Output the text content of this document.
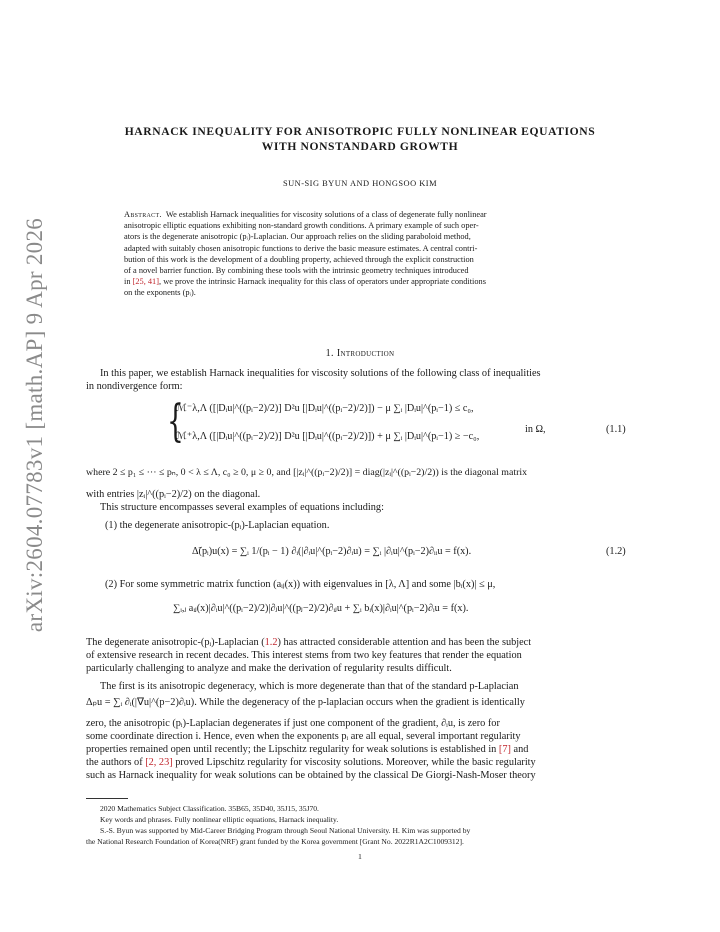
arXiv:2604.07783v1 [math.AP] 9 Apr 2026
HARNACK INEQUALITY FOR ANISOTROPIC FULLY NONLINEAR EQUATIONS
WITH NONSTANDARD GROWTH
SUN-SIG BYUN AND HONGSOO KIM
Abstract. We establish Harnack inequalities for viscosity solutions of a class of degenerate fully nonlinear
anisotropic elliptic equations exhibiting non-standard growth conditions. A primary example of such oper-
ators is the degenerate anisotropic (pᵢ)-Laplacian. Our approach relies on the sliding paraboloid method,
adapted with suitably chosen anisotropic functions to derive the basic measure estimates. A central contri-
bution of this work is the development of a doubling property, achieved through the explicit construction
of a novel barrier function. By combining these tools with the intrinsic geometry techniques introduced
in [25, 41], we prove the intrinsic Harnack inequality for this class of operators under appropriate conditions
on the exponents (pᵢ).
1. Introduction
In this paper, we establish Harnack inequalities for viscosity solutions of the following class of inequalities
in nondivergence form:
{
ℳ⁻λ,Λ ([|Dᵢu|^((pᵢ−2)/2)] D²u [|Dᵢu|^((pᵢ−2)/2)]) − μ ∑ᵢ |Dᵢu|^(pᵢ−1) ≤ c₀,
ℳ⁺λ,Λ ([|Dᵢu|^((pᵢ−2)/2)] D²u [|Dᵢu|^((pᵢ−2)/2)]) + μ ∑ᵢ |Dᵢu|^(pᵢ−1) ≥ −c₀,
in Ω,	(1.1)
where 2 ≤ p₁ ≤ ··· ≤ pₙ, 0 < λ ≤ Λ, c₀ ≥ 0, μ ≥ 0, and [|zᵢ|^((pᵢ−2)/2)] = diag(|zᵢ|^((pᵢ−2)/2)) is the diagonal matrix
with entries |zᵢ|^((pᵢ−2)/2) on the diagonal.
This structure encompasses several examples of equations including:
(1) the degenerate anisotropic-(pᵢ)-Laplacian equation.
Δ̃(pᵢ)u(x) = ∑ᵢ 1/(pᵢ − 1) ∂ᵢ(|∂ᵢu|^(pᵢ−2)∂ᵢu) = ∑ᵢ |∂ᵢu|^(pᵢ−2)∂ᵢᵢu = f(x).	(1.2)
(2) For some symmetric matrix function (aᵢⱼ(x)) with eigenvalues in [λ, Λ] and some |bᵢ(x)| ≤ μ,
∑ᵢ,ⱼ aᵢⱼ(x)|∂ᵢu|^((pᵢ−2)/2)|∂ⱼu|^((pⱼ−2)/2)∂ᵢⱼu + ∑ᵢ bᵢ(x)|∂ᵢu|^(pᵢ−2)∂ᵢu = f(x).
The degenerate anisotropic-(pᵢ)-Laplacian (1.2) has attracted considerable attention and has been the subject
of extensive research in recent decades. This interest stems from two key features that render the equation
particularly challenging to analyze and make the derivation of regularity results difficult.
The first is its anisotropic degeneracy, which is more degenerate than that of the standard p-Laplacian
Δₚu = ∑ᵢ ∂ᵢ(|∇u|^(p−2)∂ᵢu). While the degeneracy of the p-laplacian occurs when the gradient is identically
zero, the anisotropic (pᵢ)-Laplacian degenerates if just one component of the gradient, ∂ᵢu, is zero for
some coordinate direction i. Hence, even when the exponents pᵢ are all equal, several important regularity
properties remained open until recently; the Lipschitz regularity for weak solutions is established in [7] and
the authors of [2, 23] proved Lipschitz regularity for viscosity solutions. Moreover, while the basic regularity
such as Harnack inequality for weak solutions can be obtained by the classical De Giorgi-Nash-Moser theory
2020 Mathematics Subject Classification. 35B65, 35D40, 35J15, 35J70.
Key words and phrases. Fully nonlinear elliptic equations, Harnack inequality.
S.-S. Byun was supported by Mid-Career Bridging Program through Seoul National University. H. Kim was supported by
the National Research Foundation of Korea(NRF) grant funded by the Korea government [Grant No. 2022R1A2C1009312].
1
